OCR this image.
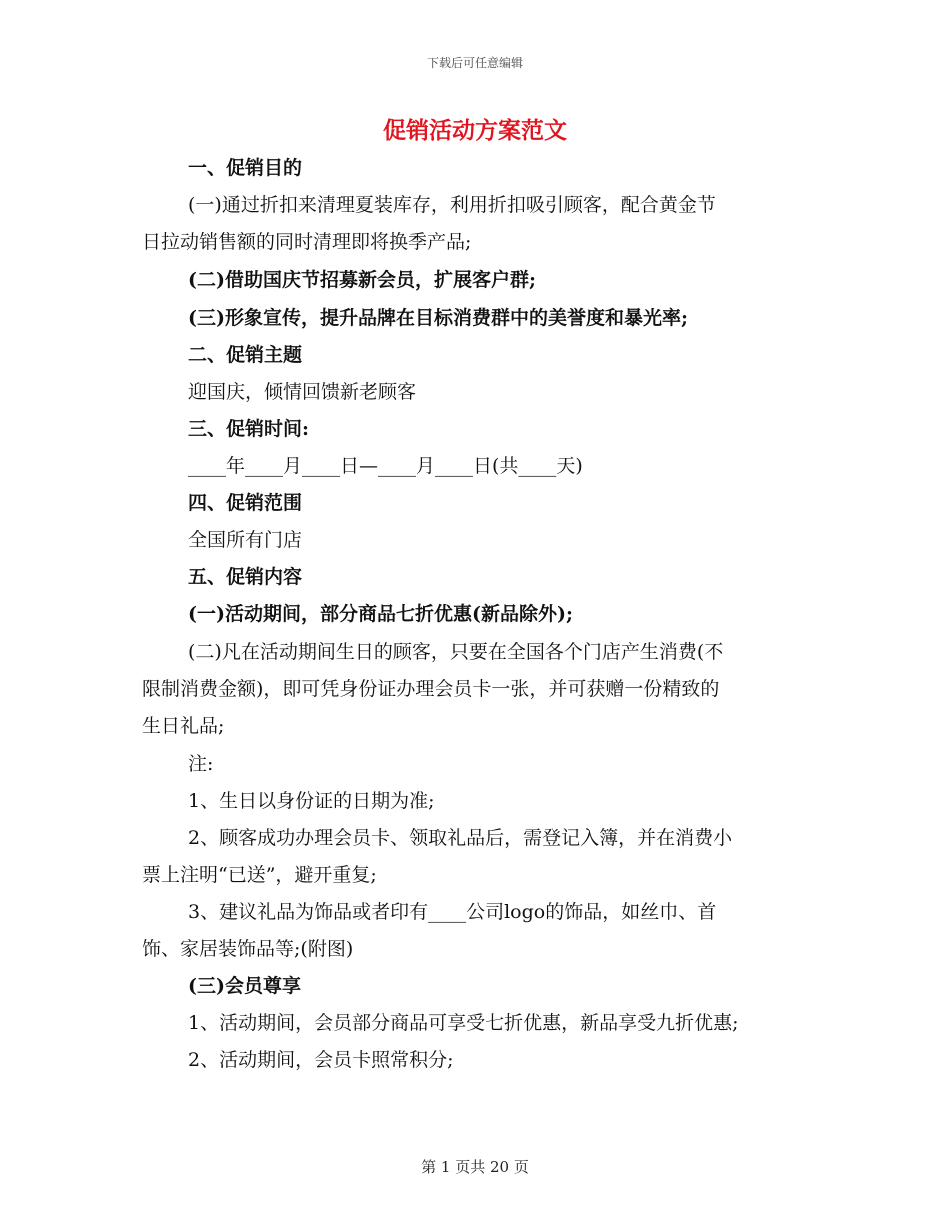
下载后可任意编辑
促销活动方案范文
一、促销目的
(一)通过折扣来清理夏装库存，利用折扣吸引顾客，配合黄金节
日拉动销售额的同时清理即将换季产品;
(二)借助国庆节招募新会员，扩展客户群;
(三)形象宣传，提升品牌在目标消费群中的美誉度和暴光率;
二、促销主题
迎国庆，倾情回馈新老顾客
三、促销时间:
____年____月____日—____月____日(共____天)
四、促销范围
全国所有门店
五、促销内容
(一)活动期间，部分商品七折优惠(新品除外);
(二)凡在活动期间生日的顾客，只要在全国各个门店产生消费(不
限制消费金额)，即可凭身份证办理会员卡一张，并可获赠一份精致的
生日礼品;
注:
1、生日以身份证的日期为准;
2、顾客成功办理会员卡、领取礼品后，需登记入簿，并在消费小
票上注明“已送”，避开重复;
3、建议礼品为饰品或者印有____公司logo的饰品，如丝巾、首
饰、家居装饰品等;(附图)
(三)会员尊享
1、活动期间，会员部分商品可享受七折优惠，新品享受九折优惠;
2、活动期间，会员卡照常积分;
第 1 页共 20 页
